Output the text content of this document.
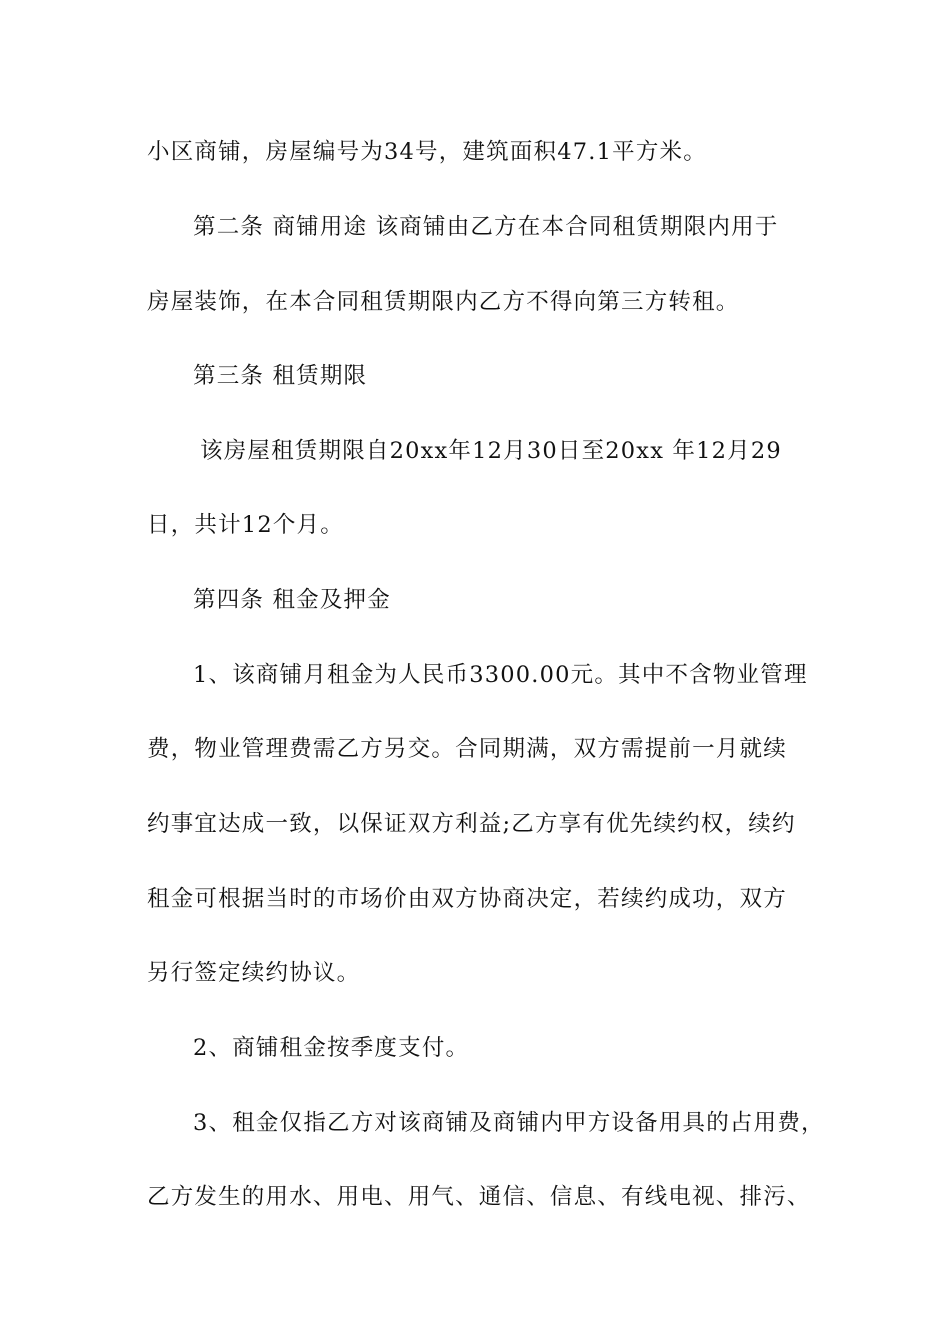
小区商铺，房屋编号为34号，建筑面积47.1平方米。
第二条 商铺用途 该商铺由乙方在本合同租赁期限内用于
房屋装饰，在本合同租赁期限内乙方不得向第三方转租。
第三条 租赁期限
该房屋租赁期限自20xx年12月30日至20xx 年12月29
日，共计12个月。
第四条 租金及押金
1、该商铺月租金为人民币3300.00元。其中不含物业管理
费，物业管理费需乙方另交。合同期满，双方需提前一月就续
约事宜达成一致，以保证双方利益;乙方享有优先续约权，续约
租金可根据当时的市场价由双方协商决定，若续约成功，双方
另行签定续约协议。
2、商铺租金按季度支付。
3、租金仅指乙方对该商铺及商铺内甲方设备用具的占用费，
乙方发生的用水、用电、用气、通信、信息、有线电视、排污、
